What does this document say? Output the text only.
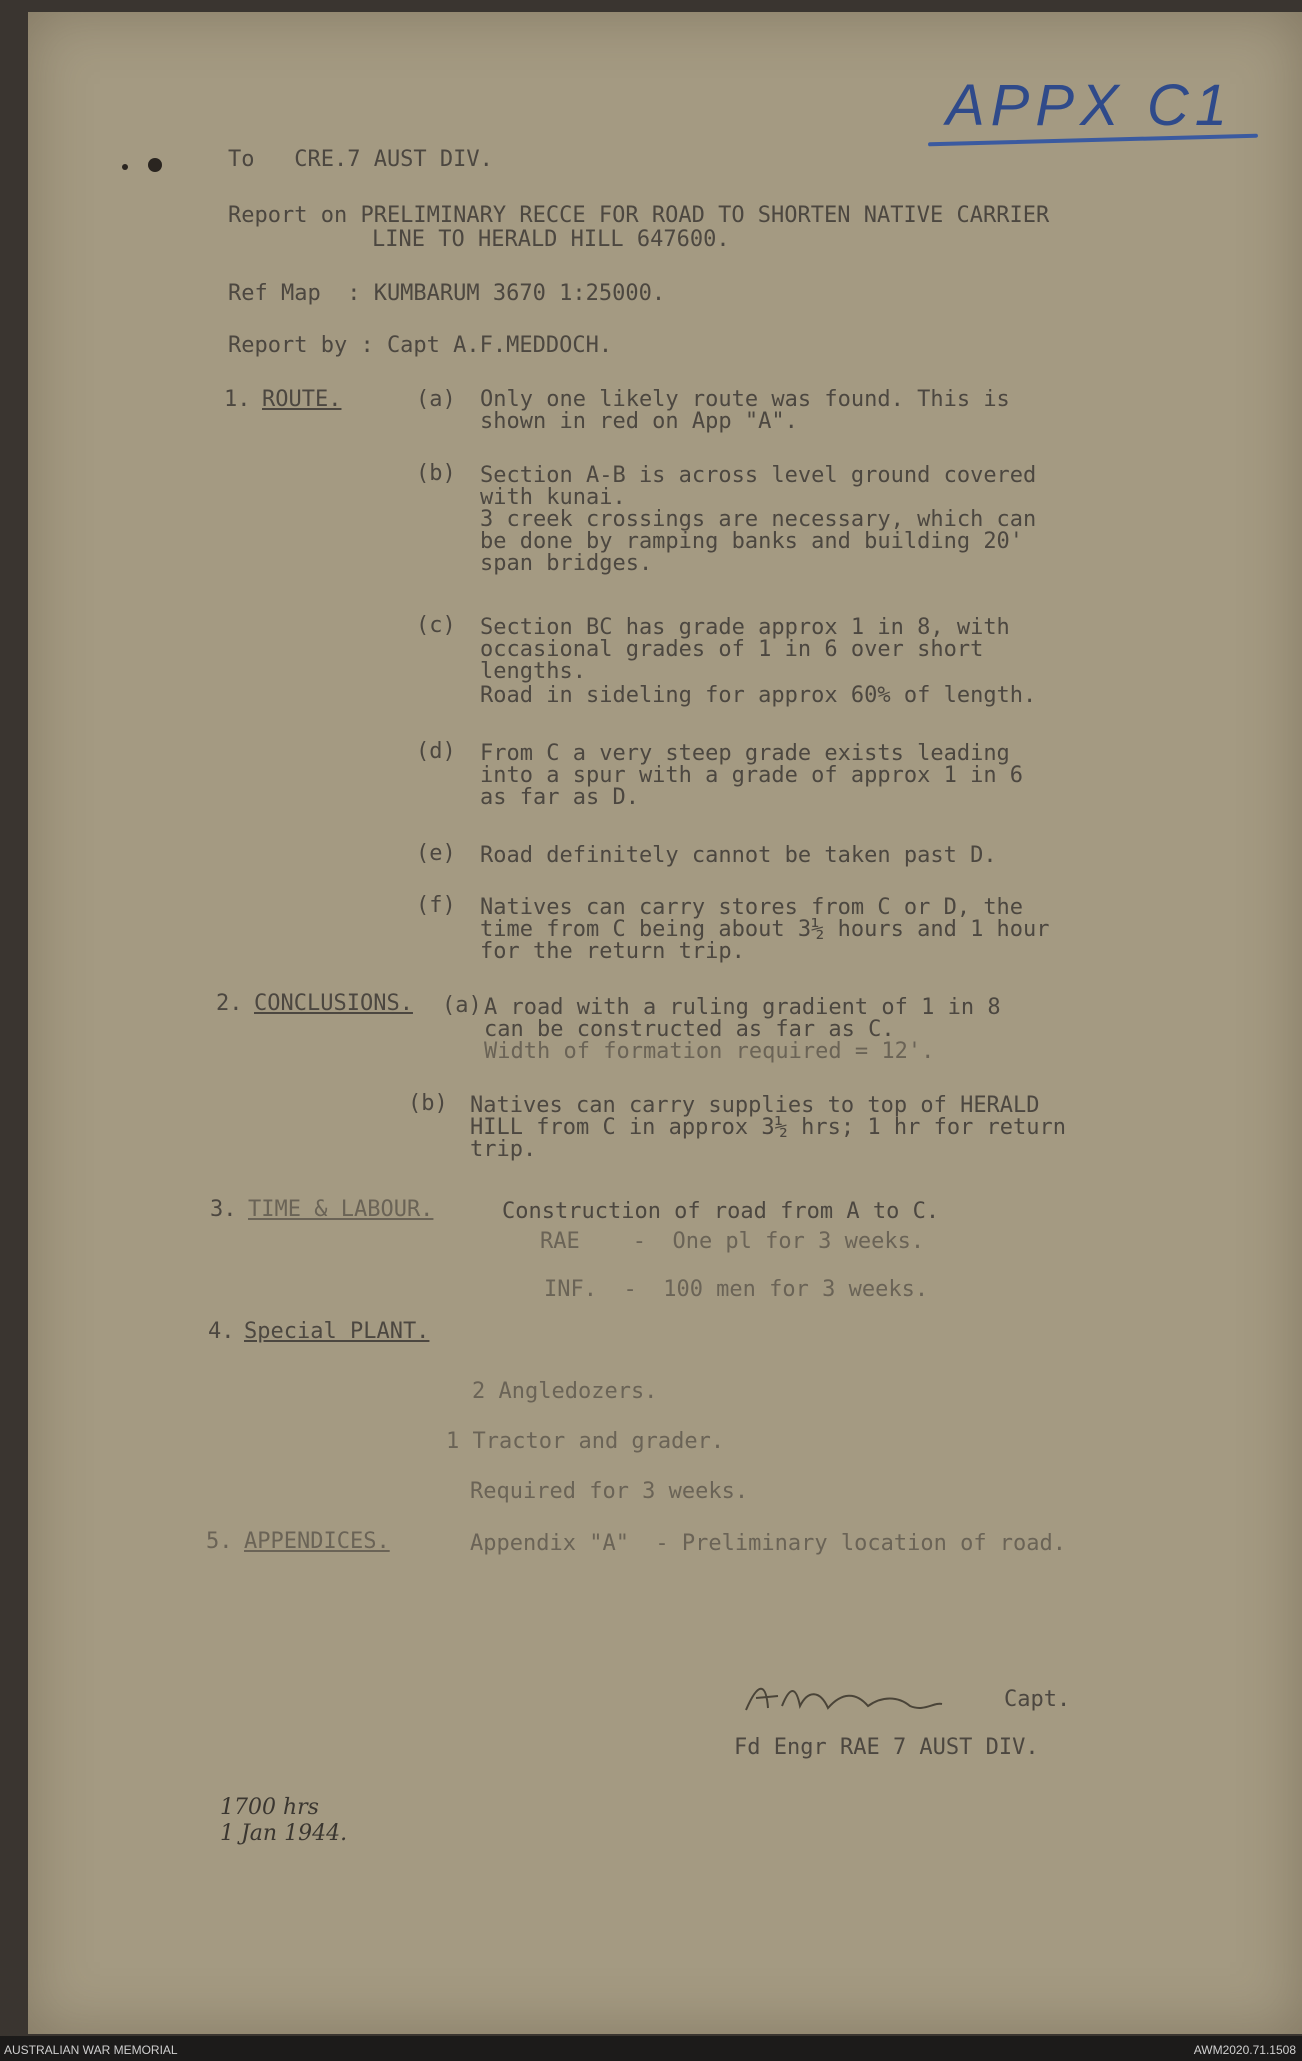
APPX C1
To   CRE.7 AUST DIV.
Report on PRELIMINARY RECCE FOR ROAD TO SHORTEN NATIVE CARRIER
LINE TO HERALD HILL 647600.
Ref Map  : KUMBARUM 3670 1:25000.
Report by : Capt A.F.MEDDOCH.
1. ROUTE.	(a) Only one likely route was found. This is
shown in red on App "A".
(b) Section A-B is across level ground covered
with kunai.
3 creek crossings are necessary, which can
be done by ramping banks and building 20'
span bridges.
(c) Section BC has grade approx 1 in 8, with
occasional grades of 1 in 6 over short
lengths.
Road in sideling for approx 60% of length.
(d) From C a very steep grade exists leading
into a spur with a grade of approx 1 in 6
as far as D.
(e) Road definitely cannot be taken past D.
(f) Natives can carry stores from C or D, the
time from C being about 3½ hours and 1 hour
for the return trip.
2. CONCLUSIONS. (a) A road with a ruling gradient of 1 in 8
can be constructed as far as C.
Width of formation required = 12'.
(b) Natives can carry supplies to top of HERALD
HILL from C in approx 3½ hrs; 1 hr for return
trip.
3. TIME & LABOUR.	Construction of road from A to C.
RAE    -  One pl for 3 weeks.
INF.  -  100 men for 3 weeks.
4. Special PLANT.
2 Angledozers.
1 Tractor and grader.
Required for 3 weeks.
5. APPENDICES.	Appendix "A"  - Preliminary location of road.
Capt.
Fd Engr RAE 7 AUST DIV.
1700 hrs
1 Jan 1944.
AUSTRALIAN WAR MEMORIAL	AWM2020.71.1508
